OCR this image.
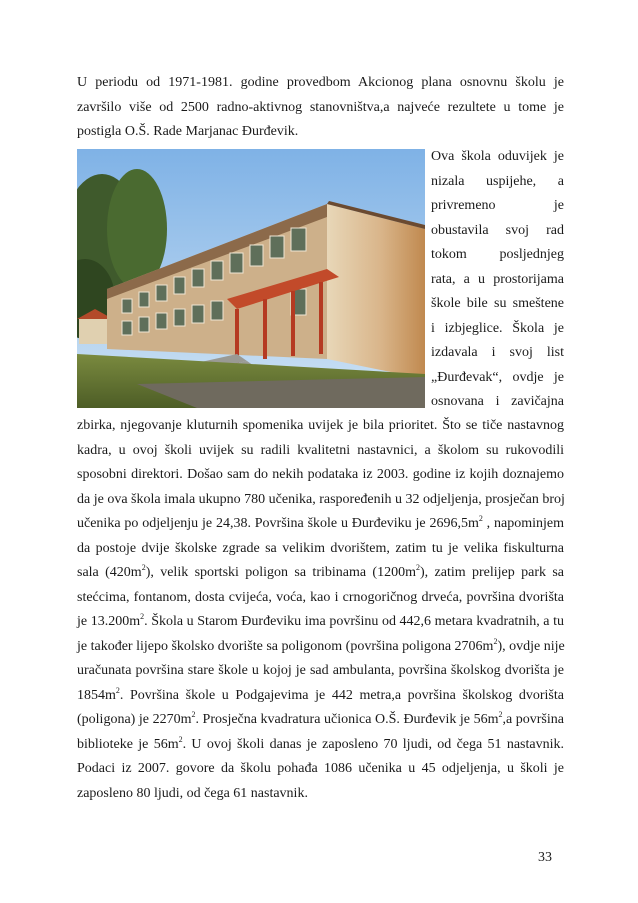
U periodu od 1971-1981. godine provedbom Akcionog plana osnovnu školu je
završilo više od 2500 radno-aktivnog stanovništva,a najveće rezultete u tome je
postigla O.Š. Rade Marjanac Đurđevik.
Ova škola oduvijek je
nizala uspijehe, a
privremeno je
obustavila svoj rad
tokom posljednjeg
rata, a u prostorijama
škole bile su smeštene
i izbjeglice. Škola je
izdavala i svoj list
„Đurđevak“, ovdje je
osnovana i zavičajna
zbirka, njegovanje kluturnih spomenika uvijek je bila prioritet. Što se tiče nastavnog
kadra, u ovoj školi uvijek su radili kvalitetni nastavnici, a školom su rukovodili
sposobni direktori. Došao sam do nekih podataka iz 2003. godine iz kojih doznajemo
da je ova škola imala ukupno 780 učenika, raspoređenih u 32 odjeljenja, prosječan broj
učenika po odjeljenju je 24,38. Površina škole u Đurđeviku je $2696,5m^2$ , napominjem
da postoje dvije školske zgrade sa velikim dvorištem, zatim tu je velika fiskulturna
sala $(420m^2)$, velik sportski poligon sa tribinama $(1200m^2)$, zatim prelijep park sa
stećcima, fontanom, dosta cvijeća, voća, kao i crnogoričnog drveća, površina dvorišta
je $13.200m^2$. Škola u Starom Đurđeviku ima površinu od 442,6 metara kvadratnih, a tu
je također lijepo školsko dvorište sa poligonom (površina poligona $2706m^2$), ovdje nije
uračunata površina stare škole u kojoj je sad ambulanta, površina školskog dvorišta je
$1854m^2$. Površina škole u Podgajevima je 442 metra,a površina školskog dvorišta
(poligona) je $2270m^2$. Prosječna kvadratura učionica O.Š. Đurđevik je $56m^2,a$ površina
biblioteke je $56m^2$. U ovoj školi danas je zaposleno 70 ljudi, od čega 51 nastavnik.
Podaci iz 2007. govore da školu pohađa 1086 učenika u 45 odjeljenja, u školi je
zaposleno 80 ljudi, od čega 61 nastavnik.
33
